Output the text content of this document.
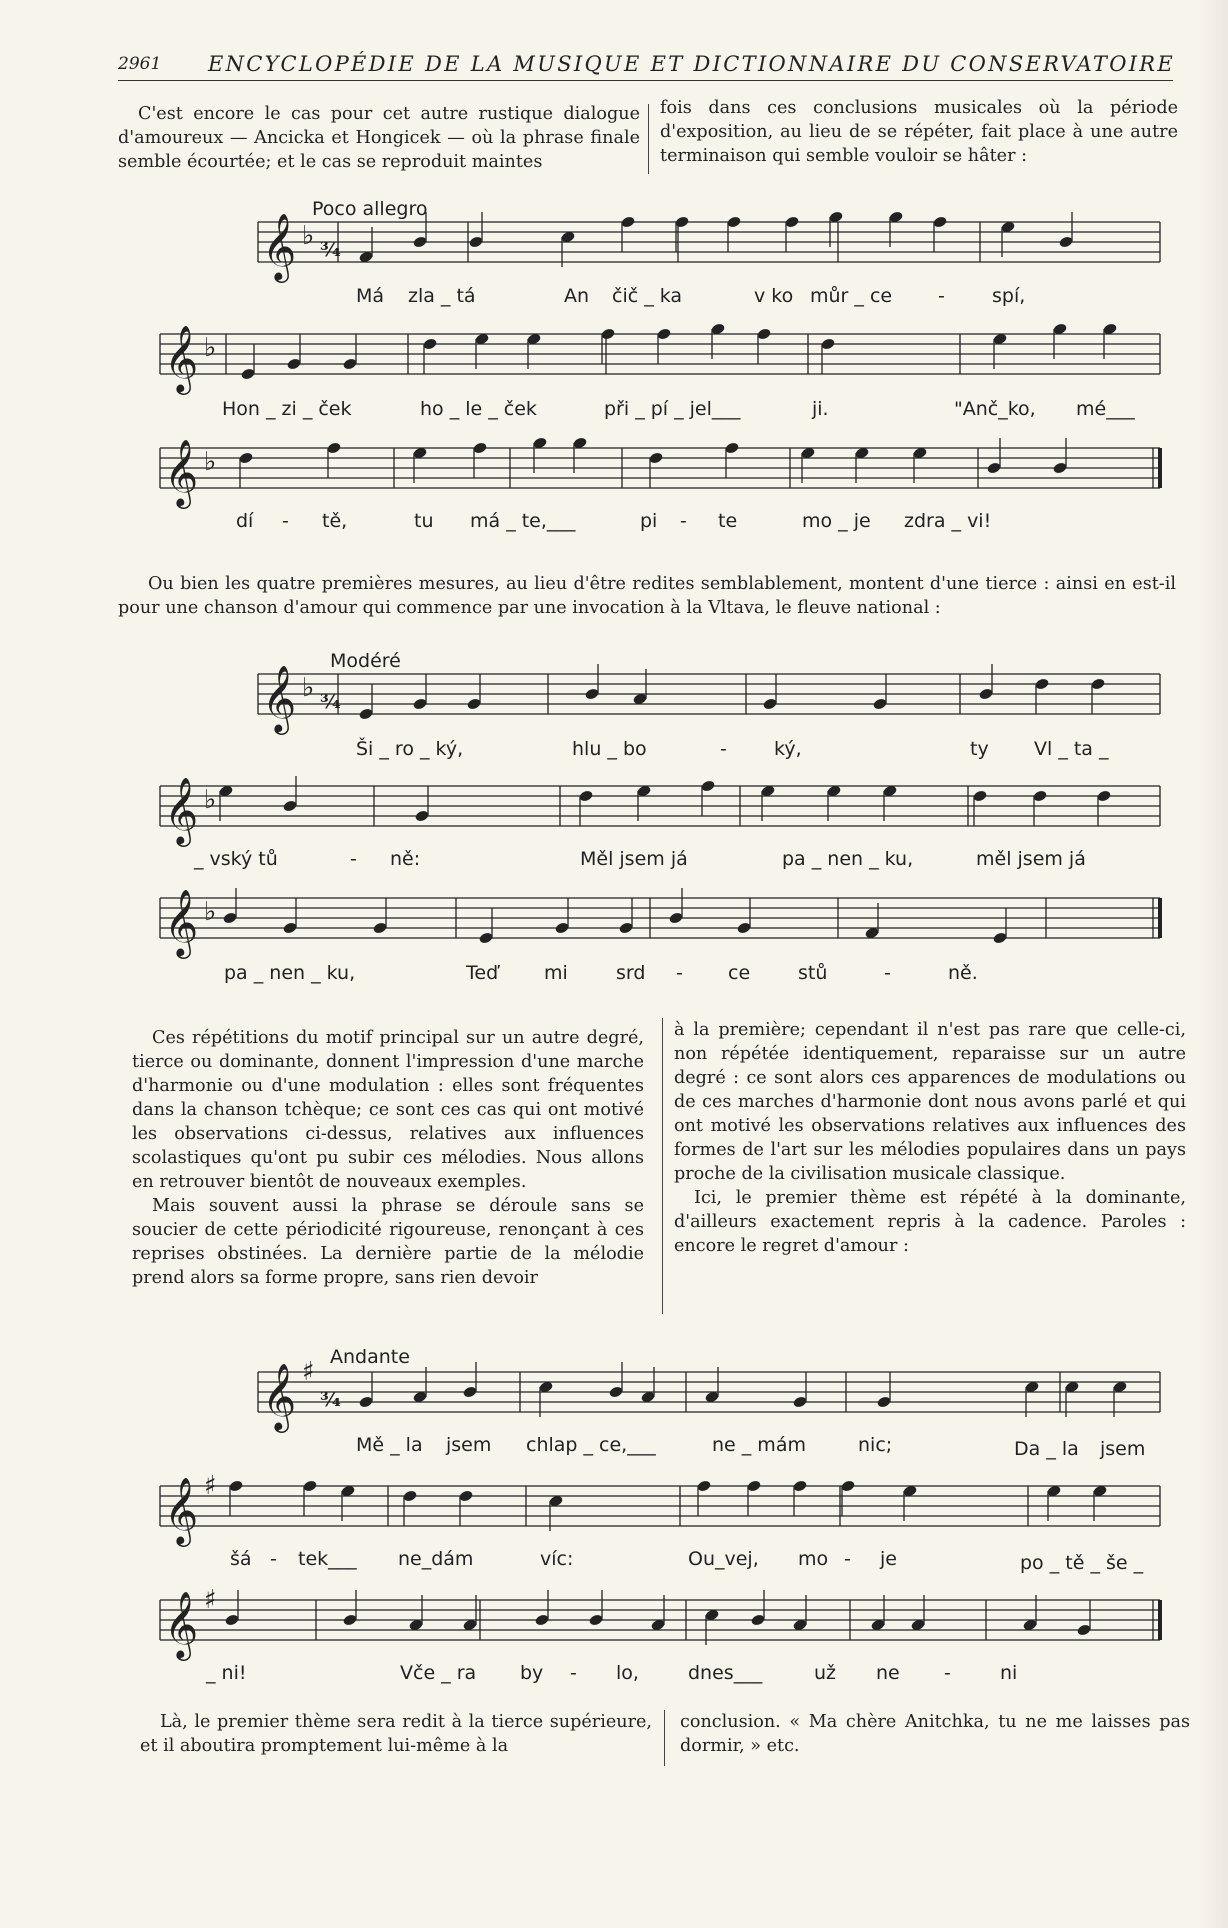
2961 ENCYCLOPÉDIE DE LA MUSIQUE ET DICTIONNAIRE DU CONSERVATOIRE

C'est encore le cas pour cet autre rustique dialogue d'amoureux — Ancicka et Hongicek — où la phrase finale semble écourtée; et le cas se reproduit maintes

fois dans ces conclusions musicales où la période d'exposition, au lieu de se répéter, fait place à une autre terminaison qui semble vouloir se hâter :

Poco allegro
𝄞 ♭ ¾
𝄞 ♭
𝄞 ♭
𝄞 ♭ ¾
𝄞 ♭
𝄞 ♭
𝄞 ♯
¾
𝄞 ♯
𝄞 ♯
Má zla _ tá	An čič _ ka	v ko můr _ ce - spí,
Hon _ zi _ ček	ho _ le _ ček	při _ pí _ jel___	ji.	"Anč_ko, mé___
dí - tě,	tu má _ te,___	pi - te	mo _ je zdra _ vi!
Ou bien les quatre premières mesures, au lieu d'être redites semblablement, montent d'une tierce : ainsi en est-il pour une chanson d'amour qui commence par une invocation à la Vltava, le fleuve national :
Modéré
Ši _ ro _ ký,	hlu _ bo	- ký,	ty Vl _ ta _
_ vský tů	- ně:	Měl jsem já	pa _ nen _ ku,	měl jsem já
pa _ nen _ ku,	Teď mi	srd - ce	stů	-	ně.

Ces répétitions du motif principal sur un autre degré, tierce ou dominante, donnent l'impression d'une marche d'harmonie ou d'une modulation : elles sont fréquentes dans la chanson tchèque; ce sont ces cas qui ont motivé les observations ci-dessus, relatives aux influences scolastiques qu'ont pu subir ces mélodies. Nous allons en retrouver bientôt de nouveaux exemples.

Mais souvent aussi la phrase se déroule sans se soucier de cette périodicité rigoureuse, renonçant à ces reprises obstinées. La dernière partie de la mélodie prend alors sa forme propre, sans rien devoir

à la première; cependant il n'est pas rare que celle-ci, non répétée identiquement, reparaisse sur un autre degré : ce sont alors ces apparences de modulations ou de ces marches d'harmonie dont nous avons parlé et qui ont motivé les observations relatives aux influences des formes de l'art sur les mélodies populaires dans un pays proche de la civilisation musicale classique.

Ici, le premier thème est répété à la dominante, d'ailleurs exactement repris à la cadence. Paroles : encore le regret d'amour :

Andante
Mě _ la jsem chlap _ ce,___	ne _ mám	nic;	Da _ la jsem
šá - tek___ ne_dám	víc:	Ou_vej, mo - je	po _ tě _ še _
_ ni!	Vče _ ra by - lo,	dnes___	už ne -	ni

Là, le premier thème sera redit à la tierce supérieure, et il aboutira promptement lui-même à la

conclusion. « Ma chère Anitchka, tu ne me laisses pas dormir, » etc.
